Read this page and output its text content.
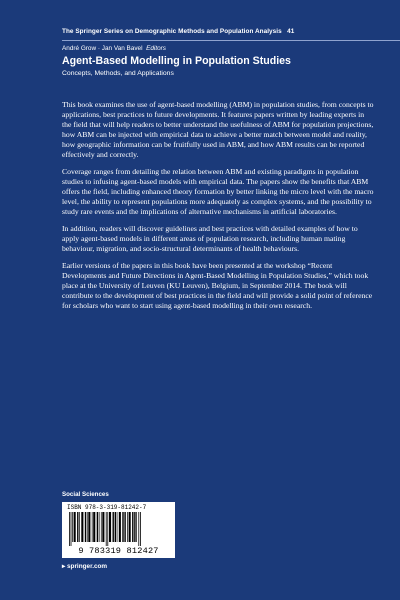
The Springer Series on Demographic Methods and Population Analysis 41
André Grow · Jan Van Bavel Editors
Agent-Based Modelling in Population Studies
Concepts, Methods, and Applications

This book examines the use of agent-based modelling (ABM) in population studies, from concepts to applications, best practices to future developments. It features papers written by leading experts in the field that will help readers to better understand the usefulness of ABM for population projections, how ABM can be injected with empirical data to achieve a better match between model and reality, how geographic information can be fruitfully used in ABM, and how ABM results can be reported effectively and correctly.

Coverage ranges from detailing the relation between ABM and existing paradigms in population studies to infusing agent-based models with empirical data. The papers show the benefits that ABM offers the field, including enhanced theory formation by better linking the micro level with the macro level, the ability to represent populations more adequately as complex systems, and the possibility to study rare events and the implications of alternative mechanisms in artificial laboratories.

In addition, readers will discover guidelines and best practices with detailed examples of how to apply agent-based models in different areas of population research, including human mating behaviour, migration, and socio-structural determinants of health behaviours.

Earlier versions of the papers in this book have been presented at the workshop “Recent Developments and Future Directions in Agent-Based Modelling in Population Studies,” which took place at the University of Leuven (KU Leuven), Belgium, in September 2014. The book will contribute to the development of best practices in the field and will provide a solid point of reference for scholars who want to start using agent-based modelling in their own research.

Social Sciences
ISBN 978-3-319-81242-7
9 783319 812427
▸ springer.com
